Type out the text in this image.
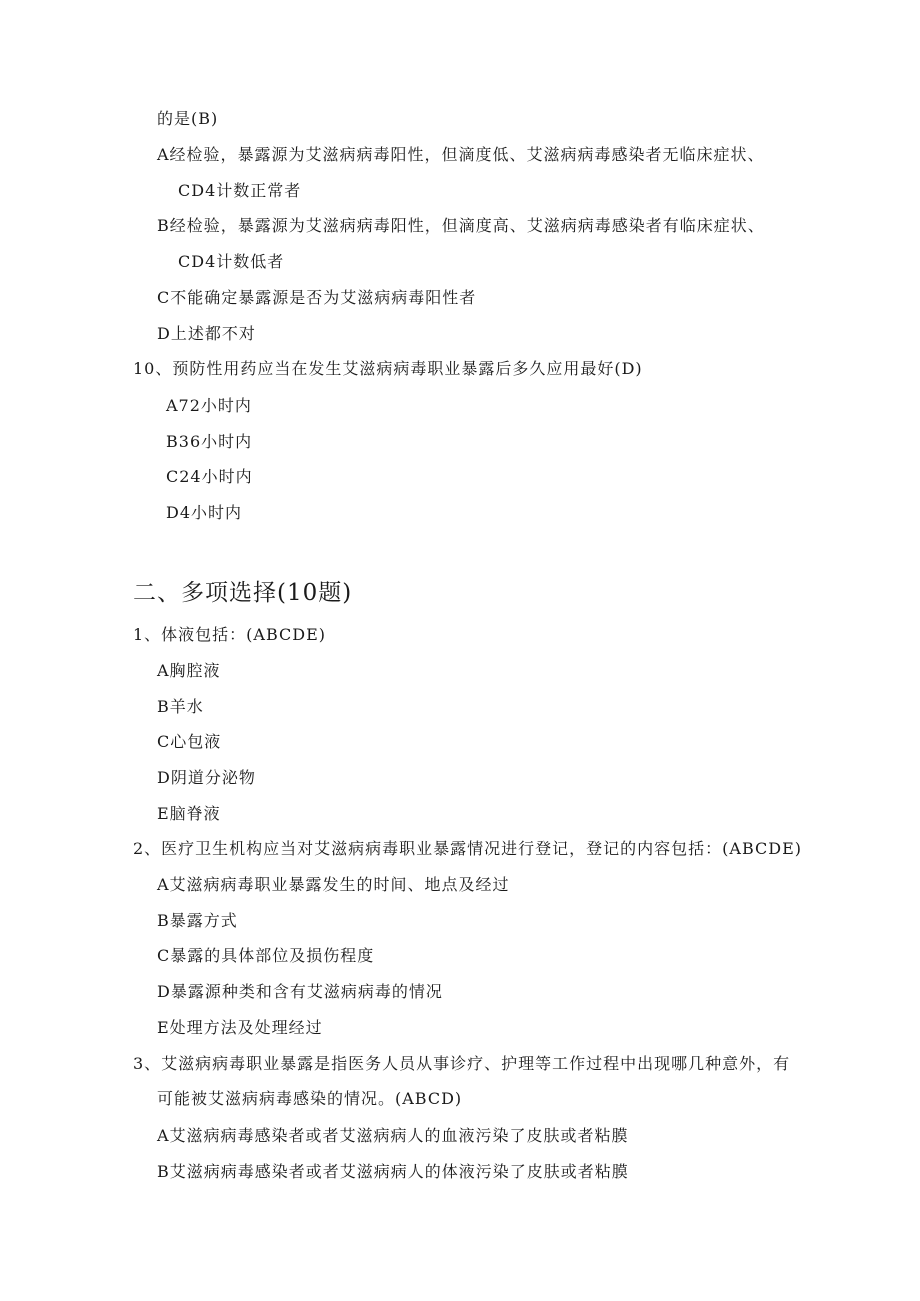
的是(B)
A经检验，暴露源为艾滋病病毒阳性，但滴度低、艾滋病病毒感染者无临床症状、
CD4计数正常者
B经检验，暴露源为艾滋病病毒阳性，但滴度高、艾滋病病毒感染者有临床症状、
CD4计数低者
C不能确定暴露源是否为艾滋病病毒阳性者
D上述都不对
10、预防性用药应当在发生艾滋病病毒职业暴露后多久应用最好(D)
A72小时内
B36小时内
C24小时内
D4小时内
二、多项选择(10题)
1、体液包括：(ABCDE)
A胸腔液
B羊水
C心包液
D阴道分泌物
E脑脊液
2、医疗卫生机构应当对艾滋病病毒职业暴露情况进行登记，登记的内容包括：(ABCDE)
A艾滋病病毒职业暴露发生的时间、地点及经过
B暴露方式
C暴露的具体部位及损伤程度
D暴露源种类和含有艾滋病病毒的情况
E处理方法及处理经过
3、艾滋病病毒职业暴露是指医务人员从事诊疗、护理等工作过程中出现哪几种意外，有
可能被艾滋病病毒感染的情况。(ABCD)
A艾滋病病毒感染者或者艾滋病病人的血液污染了皮肤或者粘膜
B艾滋病病毒感染者或者艾滋病病人的体液污染了皮肤或者粘膜
